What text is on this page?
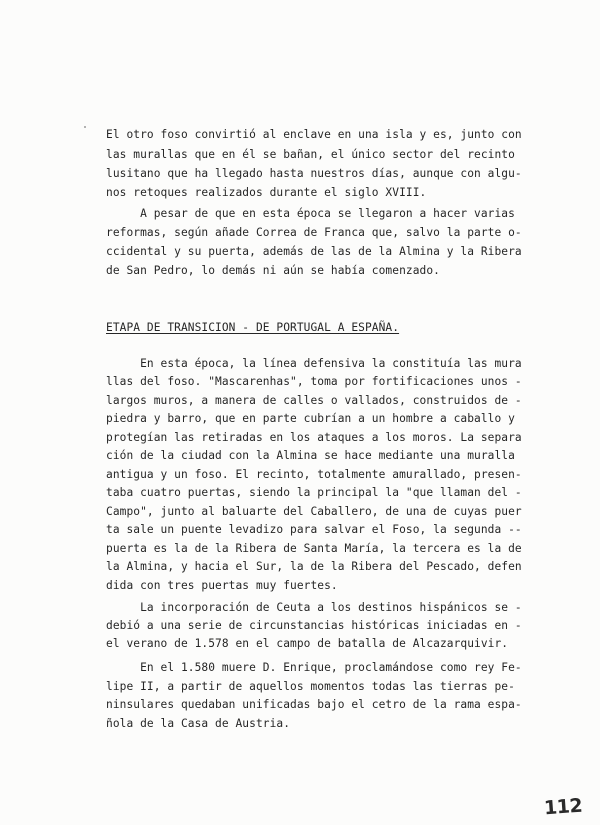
El otro foso convirtió al enclave en una isla y es, junto con
las murallas que en él se bañan, el único sector del recinto
lusitano que ha llegado hasta nuestros días, aunque con algu-
nos retoques realizados durante el siglo XVIII.
A pesar de que en esta época se llegaron a hacer varias
reformas, según añade Correa de Franca que, salvo la parte o-
ccidental y su puerta, además de las de la Almina y la Ribera
de San Pedro, lo demás ni aún se había comenzado.
ETAPA DE TRANSICION - DE PORTUGAL A ESPAÑA.
En esta época, la línea defensiva la constituía las mura
llas del foso. "Mascarenhas", toma por fortificaciones unos -
largos muros, a manera de calles o vallados, construidos de -
piedra y barro, que en parte cubrían a un hombre a caballo y
protegían las retiradas en los ataques a los moros. La separa
ción de la ciudad con la Almina se hace mediante una muralla
antigua y un foso. El recinto, totalmente amurallado, presen-
taba cuatro puertas, siendo la principal la "que llaman del -
Campo", junto al baluarte del Caballero, de una de cuyas puer
ta sale un puente levadizo para salvar el Foso, la segunda --
puerta es la de la Ribera de Santa María, la tercera es la de
la Almina, y hacia el Sur, la de la Ribera del Pescado, defen
dida con tres puertas muy fuertes.
La incorporación de Ceuta a los destinos hispánicos se -
debió a una serie de circunstancias históricas iniciadas en -
el verano de 1.578 en el campo de batalla de Alcazarquivir.
En el 1.580 muere D. Enrique, proclamándose como rey Fe-
lipe II, a partir de aquellos momentos todas las tierras pe-
ninsulares quedaban unificadas bajo el cetro de la rama espa-
ñola de la Casa de Austria.
112
